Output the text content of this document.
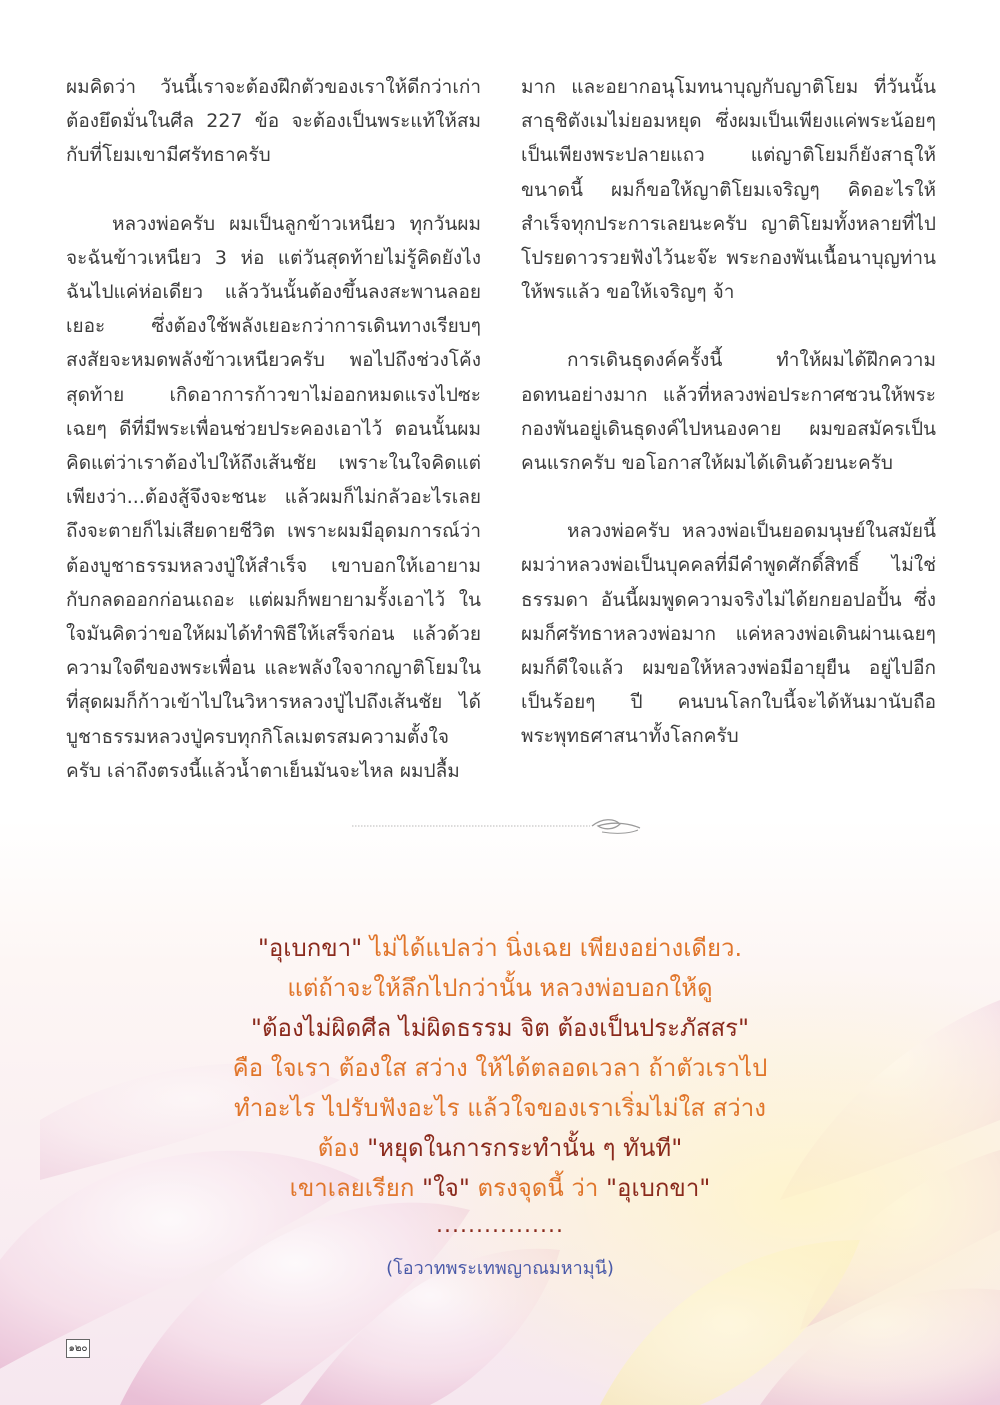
ผมคิดว่า วันนี้เราจะต้องฝึกตัวของเราให้ดีกว่าเก่า ต้องยึดมั่นในศีล 227 ข้อ จะต้องเป็นพระแท้ให้สมกับที่โยมเขามีศรัทธาครับ

หลวงพ่อครับ ผมเป็นลูกข้าวเหนียว ทุกวันผมจะฉันข้าวเหนียว 3 ห่อ แต่วันสุดท้ายไม่รู้คิดยังไง ฉันไปแค่ห่อเดียว แล้ววันนั้นต้องขึ้นลงสะพานลอยเยอะ ซึ่งต้องใช้พลังเยอะกว่าการเดินทางเรียบๆ สงสัยจะหมดพลังข้าวเหนียวครับ พอไปถึงช่วงโค้งสุดท้าย เกิดอาการก้าวขาไม่ออกหมดแรงไปซะเฉยๆ ดีที่มีพระเพื่อนช่วยประคองเอาไว้ ตอนนั้นผมคิดแต่ว่าเราต้องไปให้ถึงเส้นชัย เพราะในใจคิดแต่เพียงว่า...ต้องสู้จึงจะชนะ แล้วผมก็ไม่กลัวอะไรเลย ถึงจะตายก็ไม่เสียดายชีวิต เพราะผมมีอุดมการณ์ว่าต้องบูชาธรรมหลวงปู่ให้สำเร็จ เขาบอกให้เอายามกับกลดออกก่อนเถอะ แต่ผมก็พยายามรั้งเอาไว้ ในใจมันคิดว่าขอให้ผมได้ทำพิธีให้เสร็จก่อน แล้วด้วยความใจดีของพระเพื่อน และพลังใจจากญาติโยมในที่สุดผมก็ก้าวเข้าไปในวิหารหลวงปู่ไปถึงเส้นชัย ได้บูชาธรรมหลวงปู่ครบทุกกิโลเมตรสมความตั้งใจครับ เล่าถึงตรงนี้แล้วน้ำตาเย็นมันจะไหล ผมปลื้ม

มาก และอยากอนุโมทนาบุญกับญาติโยม ที่วันนั้นสาธุชิตังเมไม่ยอมหยุด ซึ่งผมเป็นเพียงแค่พระน้อยๆ เป็นเพียงพระปลายแถว แต่ญาติโยมก็ยังสาธุให้ขนาดนี้ ผมก็ขอให้ญาติโยมเจริญๆ คิดอะไรให้สำเร็จทุกประการเลยนะครับ ญาติโยมทั้งหลายที่ไปโปรยดาวรวยฟังไว้นะจ๊ะ พระกองพันเนื้อนาบุญท่านให้พรแล้ว ขอให้เจริญๆ จ้า

การเดินธุดงค์ครั้งนี้ ทำให้ผมได้ฝึกความอดทนอย่างมาก แล้วที่หลวงพ่อประกาศชวนให้พระกองพันอยู่เดินธุดงค์ไปหนองคาย ผมขอสมัครเป็นคนแรกครับ ขอโอกาสให้ผมได้เดินด้วยนะครับ

หลวงพ่อครับ หลวงพ่อเป็นยอดมนุษย์ในสมัยนี้ ผมว่าหลวงพ่อเป็นบุคคลที่มีคำพูดศักดิ์สิทธิ์ ไม่ใช่ธรรมดา อันนี้ผมพูดความจริงไม่ได้ยกยอปอปั้น ซึ่งผมก็ศรัทธาหลวงพ่อมาก แค่หลวงพ่อเดินผ่านเฉยๆ ผมก็ดีใจแล้ว ผมขอให้หลวงพ่อมีอายุยืน อยู่ไปอีกเป็นร้อยๆ ปี คนบนโลกใบนี้จะได้หันมานับถือพระพุทธศาสนาทั้งโลกครับ

"อุเบกขา" ไม่ได้แปลว่า นิ่งเฉย เพียงอย่างเดียว.
แต่ถ้าจะให้ลึกไปกว่านั้น หลวงพ่อบอกให้ดู
"ต้องไม่ผิดศีล ไม่ผิดธรรม จิต ต้องเป็นประภัสสร"
คือ ใจเรา ต้องใส สว่าง ให้ได้ตลอดเวลา ถ้าตัวเราไป
ทำอะไร ไปรับฟังอะไร แล้วใจของเราเริ่มไม่ใส สว่าง
ต้อง "หยุดในการกระทำนั้น ๆ ทันที"
เขาเลยเรียก "ใจ" ตรงจุดนี้ ว่า "อุเบกขา"
................
(โอวาทพระเทพญาณมหามุนี)
๑๒๐
